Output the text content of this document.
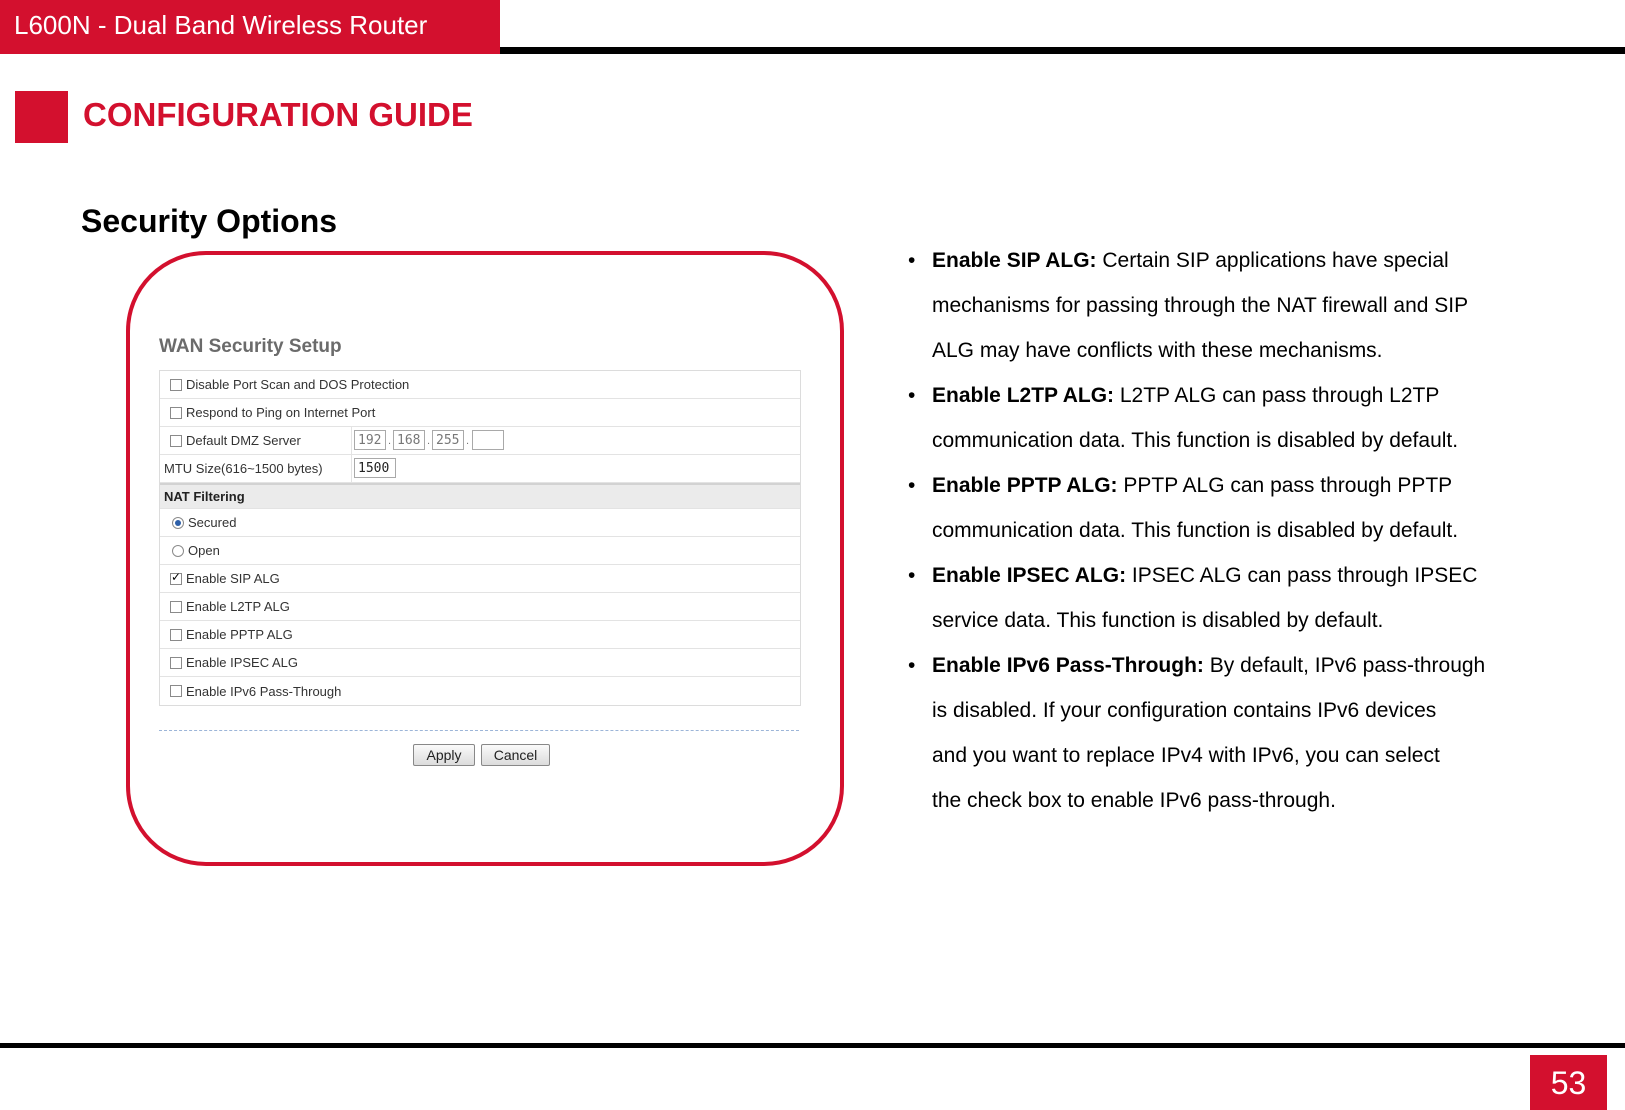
L600N - Dual Band Wireless Router
CONFIGURATION GUIDE
Security Options
WAN Security Setup
Disable Port Scan and DOS Protection
Respond to Ping on Internet Port
Default DMZ Server	192 . 168 . 255 .
MTU Size(616~1500 bytes)	1500
NAT Filtering
Secured
Open
✓
Enable SIP ALG
Enable L2TP ALG
Enable PPTP ALG
Enable IPSEC ALG
Enable IPv6 Pass-Through
Apply	Cancel
• Enable SIP ALG: Certain SIP applications have special
mechanisms for passing through the NAT firewall and SIP
ALG may have conflicts with these mechanisms.
• Enable L2TP ALG: L2TP ALG can pass through L2TP
communication data. This function is disabled by default.
• Enable PPTP ALG: PPTP ALG can pass through PPTP
communication data. This function is disabled by default.
• Enable IPSEC ALG: IPSEC ALG can pass through IPSEC
service data. This function is disabled by default.
• Enable IPv6 Pass-Through: By default, IPv6 pass-through
is disabled. If your configuration contains IPv6 devices
and you want to replace IPv4 with IPv6, you can select
the check box to enable IPv6 pass-through.
53
